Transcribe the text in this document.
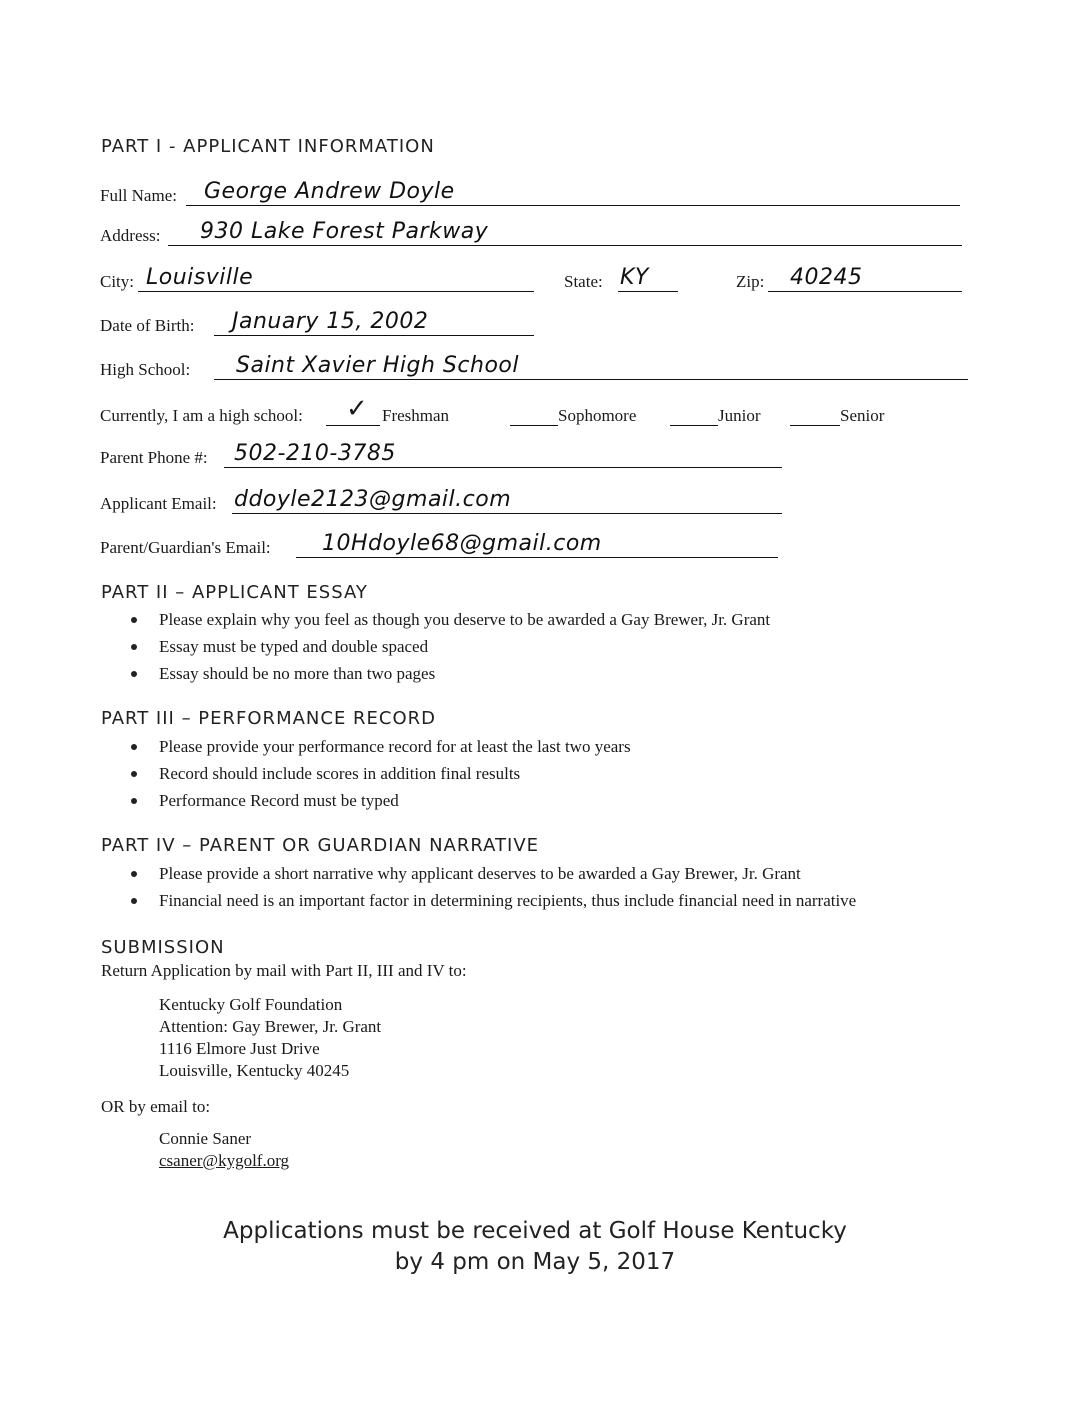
PART I - APPLICANT INFORMATION
Full Name: George Andrew Doyle
Address: 930 Lake Forest Parkway
City: Louisville	State: KY	Zip: 40245
Date of Birth: January 15, 2002
High School: Saint Xavier High School
Currently, I am a high school: ✓ Freshman	Sophomore	Junior	Senior
Parent Phone #: 502-210-3785
Applicant Email: ddoyle2123@gmail.com
Parent/Guardian's Email: 10Hdoyle68@gmail.com
PART II – APPLICANT ESSAY
Please explain why you feel as though you deserve to be awarded a Gay Brewer, Jr. Grant
Essay must be typed and double spaced
Essay should be no more than two pages
PART III – PERFORMANCE RECORD
Please provide your performance record for at least the last two years
Record should include scores in addition final results
Performance Record must be typed
PART IV – PARENT OR GUARDIAN NARRATIVE
Please provide a short narrative why applicant deserves to be awarded a Gay Brewer, Jr. Grant
Financial need is an important factor in determining recipients, thus include financial need in narrative
SUBMISSION
Return Application by mail with Part II, III and IV to:
Kentucky Golf Foundation
Attention: Gay Brewer, Jr. Grant
1116 Elmore Just Drive
Louisville, Kentucky 40245
OR by email to:
Connie Saner
csaner@kygolf.org
Applications must be received at Golf House Kentucky
by 4 pm on May 5, 2017
